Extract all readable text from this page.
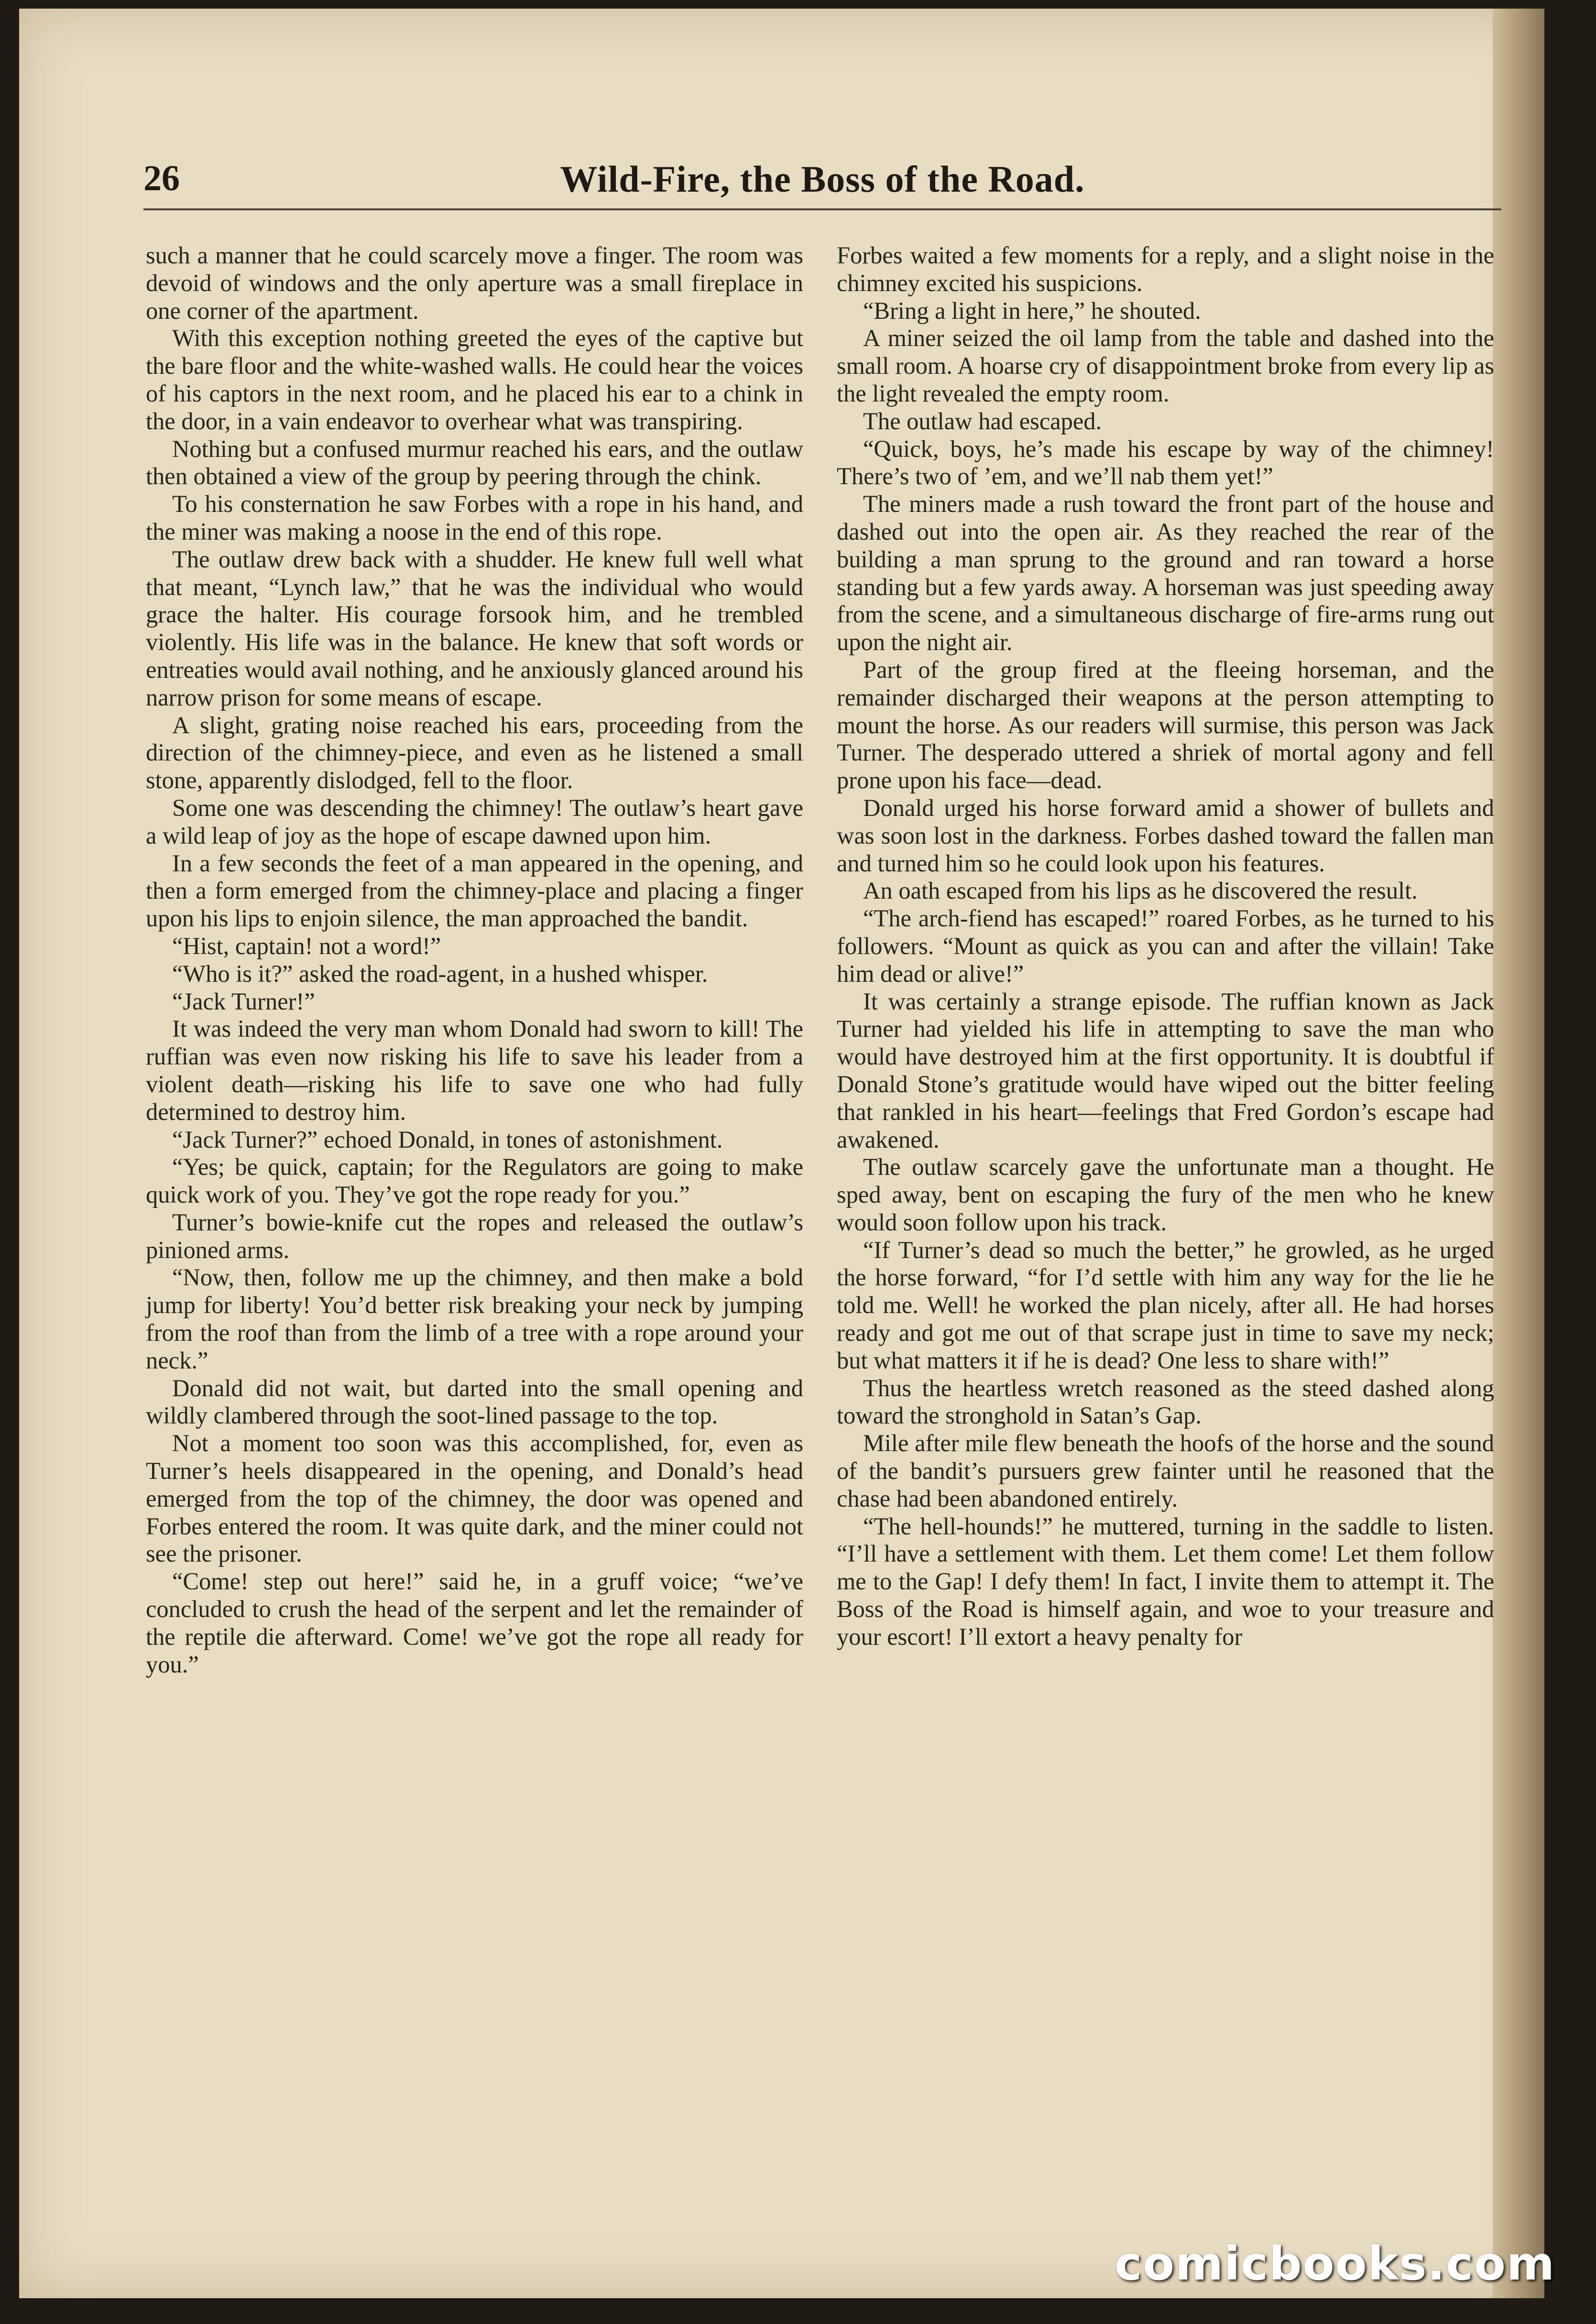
26	Wild-Fire, the Boss of the Road.

such a manner that he could scarcely move a finger. The room was devoid of windows and the only aperture was a small fireplace in one corner of the apartment.

With this exception nothing greeted the eyes of the captive but the bare floor and the white-washed walls. He could hear the voices of his captors in the next room, and he placed his ear to a chink in the door, in a vain endeavor to overhear what was transpiring.

Nothing but a confused murmur reached his ears, and the outlaw then obtained a view of the group by peering through the chink.

To his consternation he saw Forbes with a rope in his hand, and the miner was making a noose in the end of this rope.

The outlaw drew back with a shudder. He knew full well what that meant, “Lynch law,” that he was the individual who would grace the halter. His courage forsook him, and he trembled violently. His life was in the balance. He knew that soft words or entreaties would avail nothing, and he anxiously glanced around his narrow prison for some means of escape.

A slight, grating noise reached his ears, proceeding from the direction of the chimney-piece, and even as he listened a small stone, apparently dislodged, fell to the floor.

Some one was descending the chimney! The outlaw’s heart gave a wild leap of joy as the hope of escape dawned upon him.

In a few seconds the feet of a man appeared in the opening, and then a form emerged from the chimney-place and placing a finger upon his lips to enjoin silence, the man approached the bandit.

“Hist, captain! not a word!”

“Who is it?” asked the road-agent, in a hushed whisper.

“Jack Turner!”

It was indeed the very man whom Donald had sworn to kill! The ruffian was even now risking his life to save his leader from a violent death—risking his life to save one who had fully determined to destroy him.

“Jack Turner?” echoed Donald, in tones of astonishment.

“Yes; be quick, captain; for the Regulators are going to make quick work of you. They’ve got the rope ready for you.”

Turner’s bowie-knife cut the ropes and released the outlaw’s pinioned arms.

“Now, then, follow me up the chimney, and then make a bold jump for liberty! You’d better risk breaking your neck by jumping from the roof than from the limb of a tree with a rope around your neck.”

Donald did not wait, but darted into the small opening and wildly clambered through the soot-lined passage to the top.

Not a moment too soon was this accomplished, for, even as Turner’s heels disappeared in the opening, and Donald’s head emerged from the top of the chimney, the door was opened and Forbes entered the room. It was quite dark, and the miner could not see the prisoner.

“Come! step out here!” said he, in a gruff voice; “we’ve concluded to crush the head of the serpent and let the remainder of the reptile die afterward. Come! we’ve got the rope all ready for you.”

Forbes waited a few moments for a reply, and a slight noise in the chimney excited his suspicions.

“Bring a light in here,” he shouted.

A miner seized the oil lamp from the table and dashed into the small room. A hoarse cry of disappointment broke from every lip as the light revealed the empty room.

The outlaw had escaped.

“Quick, boys, he’s made his escape by way of the chimney! There’s two of ’em, and we’ll nab them yet!”

The miners made a rush toward the front part of the house and dashed out into the open air. As they reached the rear of the building a man sprung to the ground and ran toward a horse standing but a few yards away. A horseman was just speeding away from the scene, and a simultaneous discharge of fire-arms rung out upon the night air.

Part of the group fired at the fleeing horseman, and the remainder discharged their weapons at the person attempting to mount the horse. As our readers will surmise, this person was Jack Turner. The desperado uttered a shriek of mortal agony and fell prone upon his face—dead.

Donald urged his horse forward amid a shower of bullets and was soon lost in the darkness. Forbes dashed toward the fallen man and turned him so he could look upon his features.

An oath escaped from his lips as he discovered the result.

“The arch-fiend has escaped!” roared Forbes, as he turned to his followers. “Mount as quick as you can and after the villain! Take him dead or alive!”

It was certainly a strange episode. The ruffian known as Jack Turner had yielded his life in attempting to save the man who would have destroyed him at the first opportunity. It is doubtful if Donald Stone’s gratitude would have wiped out the bitter feeling that rankled in his heart—feelings that Fred Gordon’s escape had awakened.

The outlaw scarcely gave the unfortunate man a thought. He sped away, bent on escaping the fury of the men who he knew would soon follow upon his track.

“If Turner’s dead so much the better,” he growled, as he urged the horse forward, “for I’d settle with him any way for the lie he told me. Well! he worked the plan nicely, after all. He had horses ready and got me out of that scrape just in time to save my neck; but what matters it if he is dead? One less to share with!”

Thus the heartless wretch reasoned as the steed dashed along toward the stronghold in Satan’s Gap.

Mile after mile flew beneath the hoofs of the horse and the sound of the bandit’s pursuers grew fainter until he reasoned that the chase had been abandoned entirely.

“The hell-hounds!” he muttered, turning in the saddle to listen. “I’ll have a settlement with them. Let them come! Let them follow me to the Gap! I defy them! In fact, I invite them to attempt it. The Boss of the Road is himself again, and woe to your treasure and your escort! I’ll extort a heavy penalty for

comicbooks.com
